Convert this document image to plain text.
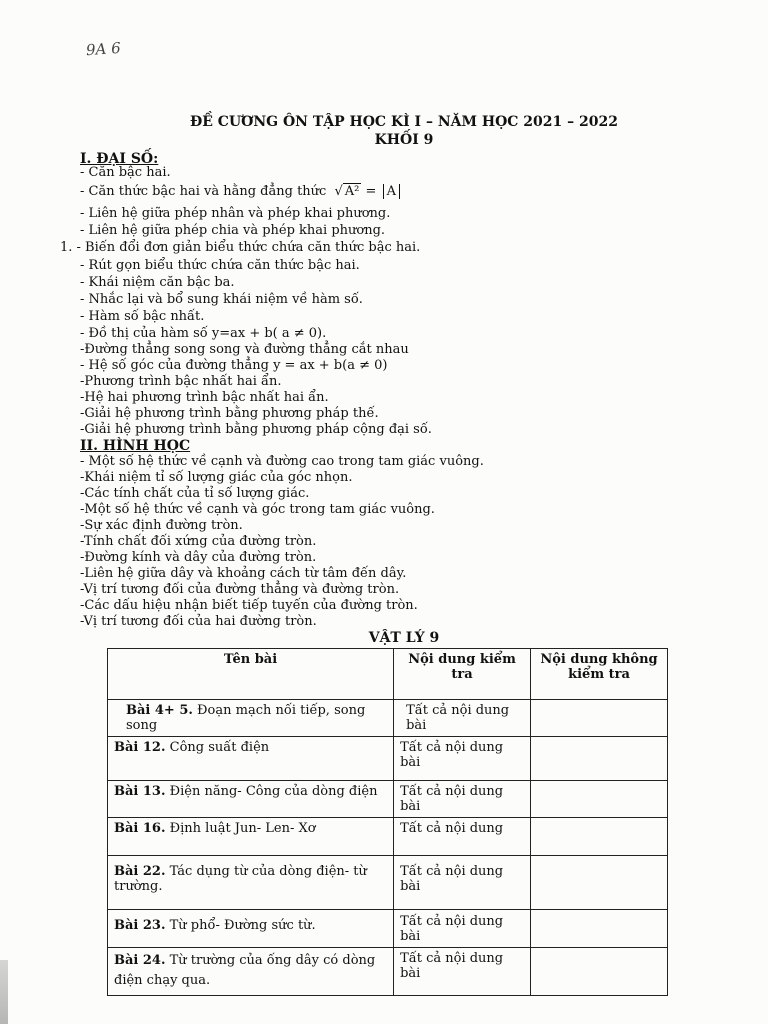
9A 6
ĐỀ CƯƠNG ÔN TẬP HỌC KÌ I – NĂM HỌC 2021 – 2022
KHỐI 9
I. ĐẠI SỐ:
- Căn bậc hai.
- Căn thức bậc hai và hằng đẳng thức √ A² = A
- Liên hệ giữa phép nhân và phép khai phương.
- Liên hệ giữa phép chia và phép khai phương.
1. - Biến đổi đơn giản biểu thức chứa căn thức bậc hai.
- Rút gọn biểu thức chứa căn thức bậc hai.
- Khái niệm căn bậc ba.
- Nhắc lại và bổ sung khái niệm về hàm số.
- Hàm số bậc nhất.
- Đồ thị của hàm số y=ax + b( a ≠ 0).
-Đường thẳng song song và đường thẳng cắt nhau
- Hệ số góc của đường thẳng y = ax + b(a ≠ 0)
-Phương trình bậc nhất hai ẩn.
-Hệ hai phương trình bậc nhất hai ẩn.
-Giải hệ phương trình bằng phương pháp thế.
-Giải hệ phương trình bằng phương pháp cộng đại số.
II. HÌNH HỌC
- Một số hệ thức về cạnh và đường cao trong tam giác vuông.
-Khái niệm tỉ số lượng giác của góc nhọn.
-Các tính chất của tỉ số lượng giác.
-Một số hệ thức về cạnh và góc trong tam giác vuông.
-Sự xác định đường tròn.
-Tính chất đối xứng của đường tròn.
-Đường kính và dây của đường tròn.
-Liên hệ giữa dây và khoảng cách từ tâm đến dây.
-Vị trí tương đối của đường thẳng và đường tròn.
-Các dấu hiệu nhận biết tiếp tuyến của đường tròn.
-Vị trí tương đối của hai đường tròn.
VẬT LÝ 9
Tên bài	Nội dung kiểm tra	Nội dung không kiểm tra
Bài 4+ 5. Đoạn mạch nối tiếp, song song	Tất cả nội dung bài	
Bài 12. Công suất điện	Tất cả nội dung bài	
Bài 13. Điện năng- Công của dòng điện	Tất cả nội dung bài	
Bài 16. Định luật Jun- Len- Xơ	Tất cả nội dung	
Bài 22. Tác dụng từ của dòng điện- từ trường.	Tất cả nội dung bài	
Bài 23. Từ phổ- Đường sức từ.	Tất cả nội dung bài	
Bài 24. Từ trường của ống dây có dòng điện chạy qua.	Tất cả nội dung bài	
